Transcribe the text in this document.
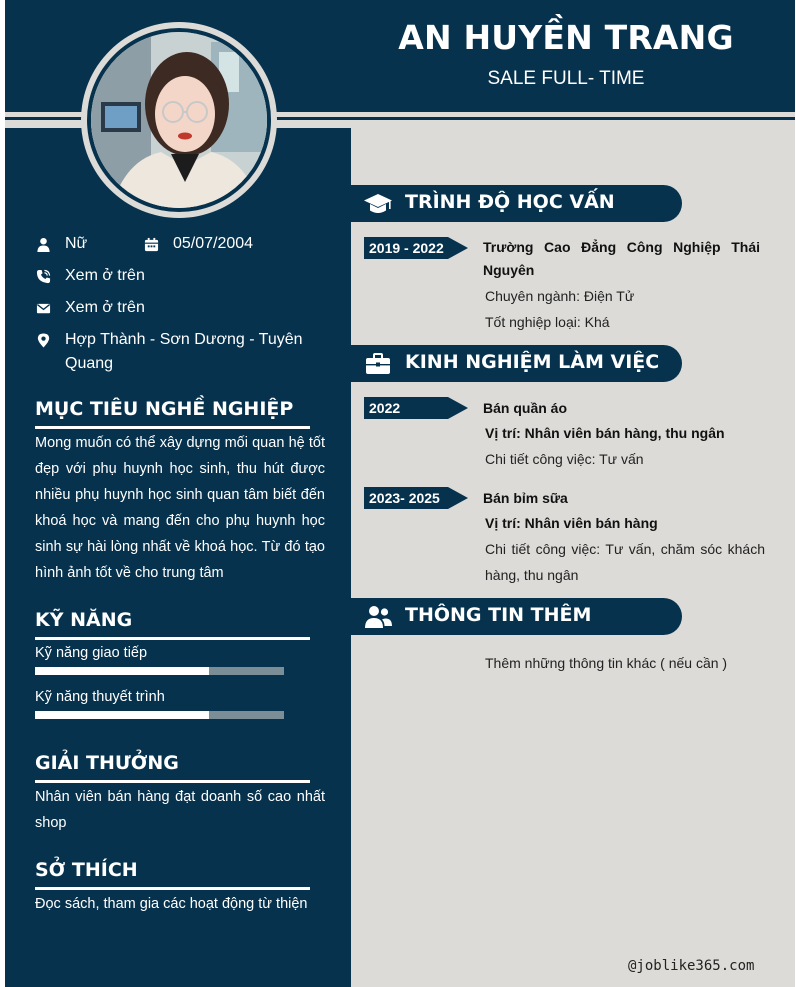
AN HUYỀN TRANG
SALE FULL- TIME
Nữ	05/07/2004
Xem ở trên
Xem ở trên
Hợp Thành - Sơn Dương - Tuyên Quang
MỤC TIÊU NGHỀ NGHIỆP
Mong muốn có thể xây dựng mối quan hệ tốt đẹp với phụ huynh học sinh, thu hút được nhiều phụ huynh học sinh quan tâm biết đến khoá học và mang đến cho phụ huynh học sinh sự hài lòng nhất về khoá học. Từ đó tạo hình ảnh tốt về cho trung tâm
KỸ NĂNG
Kỹ năng giao tiếp
Kỹ năng thuyết trình
GIẢI THƯỞNG
Nhân viên bán hàng đạt doanh số cao nhất shop
SỞ THÍCH
Đọc sách, tham gia các hoạt động từ thiện
TRÌNH ĐỘ HỌC VẤN
2019 - 2022	Trường Cao Đẳng Công Nghiệp Thái Nguyên
Chuyên ngành: Điện Tử
Tốt nghiệp loại: Khá
KINH NGHIỆM LÀM VIỆC
2022	Bán quần áo
Vị trí: Nhân viên bán hàng, thu ngân
Chi tiết công việc: Tư vấn
2023- 2025	Bán bỉm sữa
Vị trí: Nhân viên bán hàng
Chi tiết công việc: Tư vấn, chăm sóc khách hàng, thu ngân
THÔNG TIN THÊM
Thêm những thông tin khác ( nếu cần )
@joblike365.com
